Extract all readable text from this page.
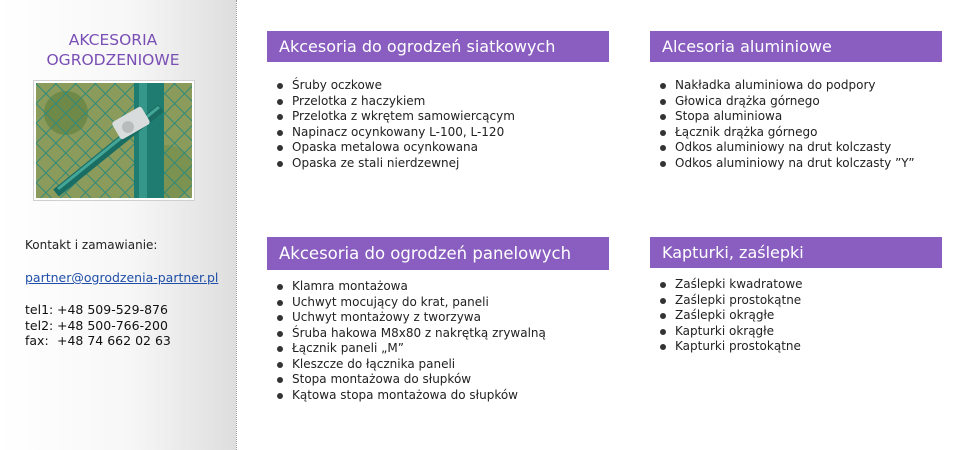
AKCESORIA
OGRODZENIOWE
Kontakt i zamawianie:
partner@ogrodzenia-partner.pl
tel1: +48 509-529-876
tel2: +48 500-766-200
fax: +48 74 662 02 63
Akcesoria do ogrodzeń siatkowych
Śruby oczkowe
Przelotka z haczykiem
Przelotka z wkrętem samowiercącym
Napinacz ocynkowany L-100, L-120
Opaska metalowa ocynkowana
Opaska ze stali nierdzewnej
Alcesoria aluminiowe
Nakładka aluminiowa do podpory
Głowica drążka górnego
Stopa aluminiowa
Łącznik drążka górnego
Odkos aluminiowy na drut kolczasty
Odkos aluminiowy na drut kolczasty ”Y”
Akcesoria do ogrodzeń panelowych
Klamra montażowa
Uchwyt mocujący do krat, paneli
Uchwyt montażowy z tworzywa
Śruba hakowa M8x80 z nakrętką zrywalną
Łącznik paneli „M”
Kleszcze do łącznika paneli
Stopa montażowa do słupków
Kątowa stopa montażowa do słupków
Kapturki, zaślepki
Zaślepki kwadratowe
Zaślepki prostokątne
Zaślepki okrągłe
Kapturki okrągłe
Kapturki prostokątne
